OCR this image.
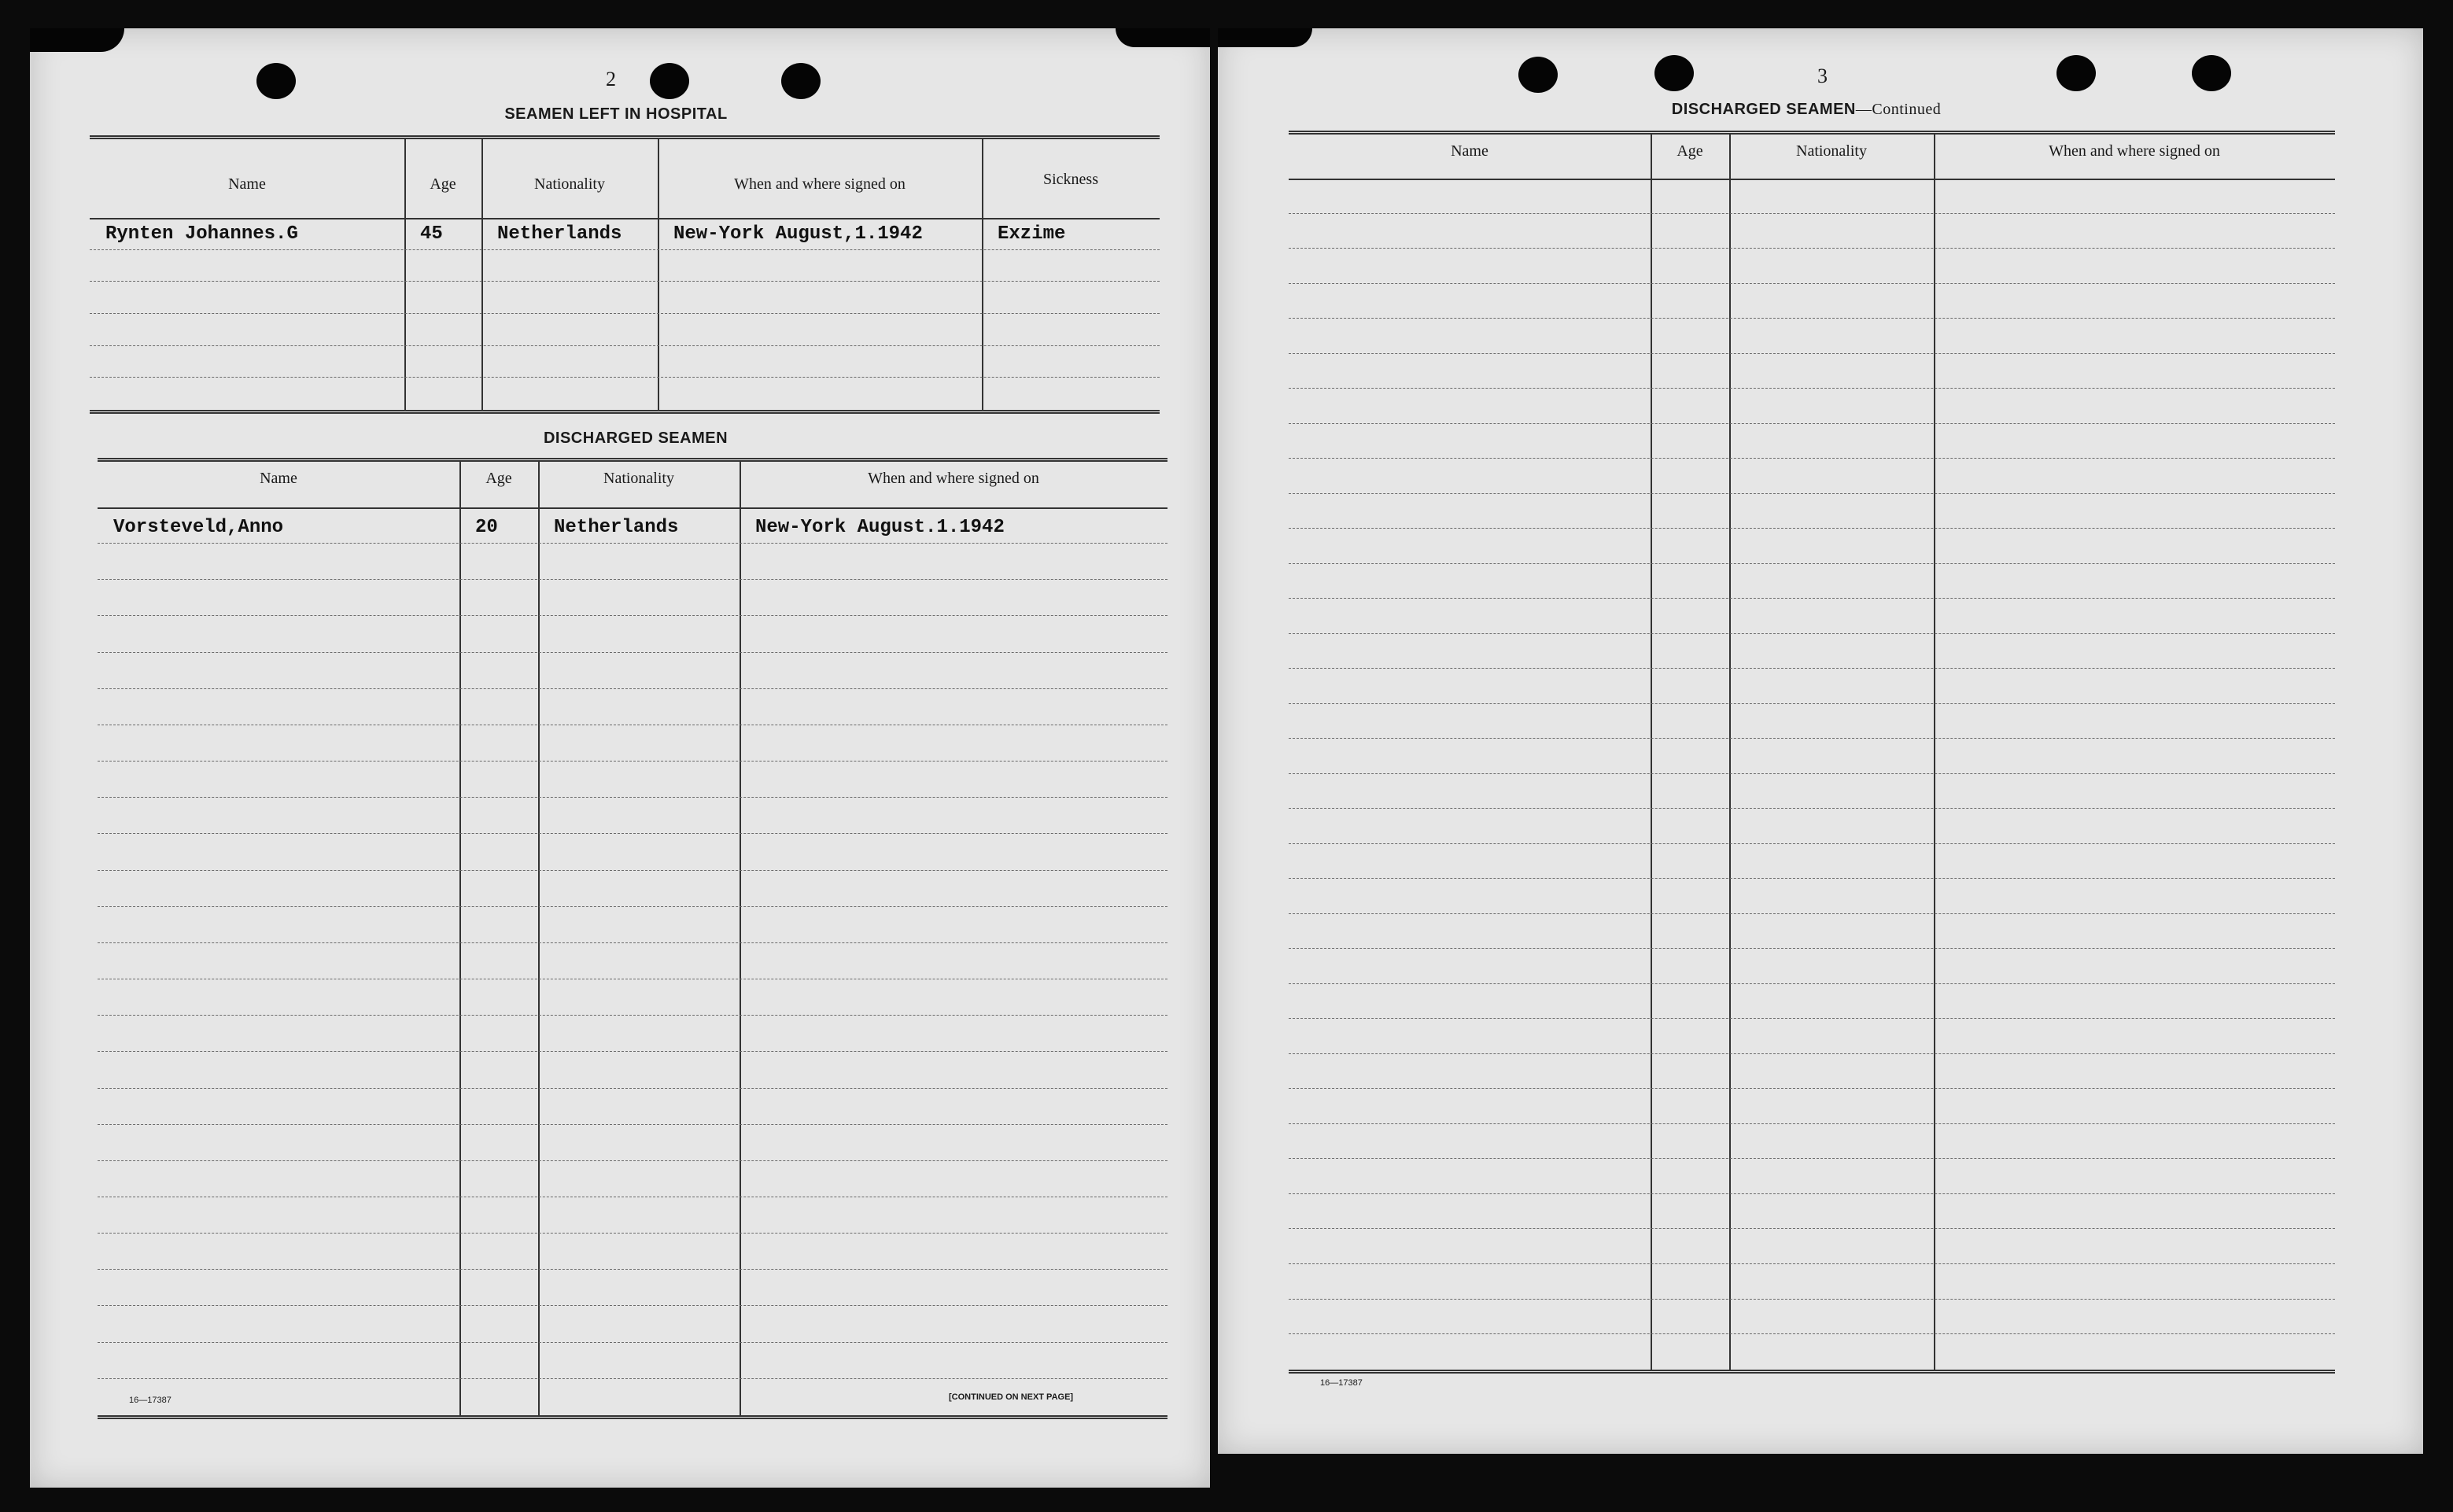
2
SEAMEN LEFT IN HOSPITAL
Name	Age	Nationality	When and where signed on	Sickness
Rynten Johannes.G	45	Netherlands	New-York August,1.1942	Exzime
DISCHARGED SEAMEN
Name	Age	Nationality	When and where signed on
Vorsteveld,Anno	20	Netherlands	New-York August.1.1942
16—17387	[CONTINUED ON NEXT PAGE]
3
DISCHARGED SEAMEN—Continued
Name	Age	Nationality	When and where signed on
16—17387
